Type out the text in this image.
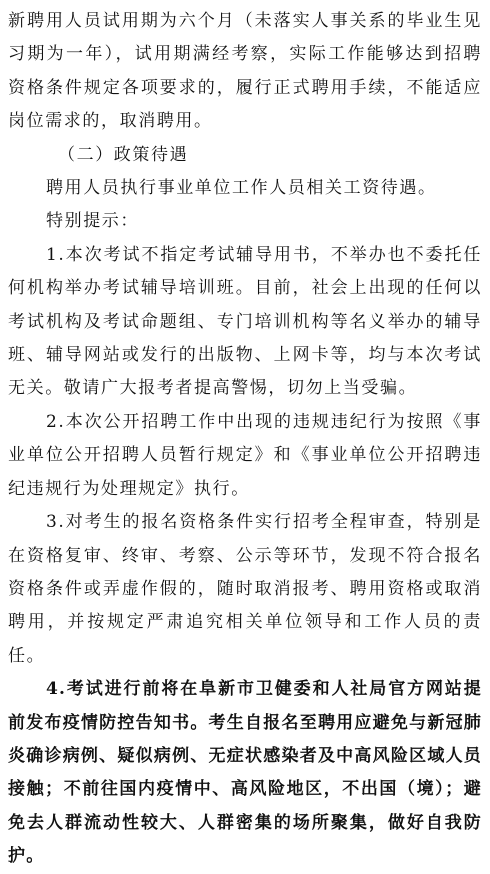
新聘用人员试用期为六个月（未落实人事关系的毕业生见习期为一年），试用期满经考察，实际工作能够达到招聘资格条件规定各项要求的，履行正式聘用手续，不能适应岗位需求的，取消聘用。

（二）政策待遇

聘用人员执行事业单位工作人员相关工资待遇。

特别提示：

1.本次考试不指定考试辅导用书，不举办也不委托任何机构举办考试辅导培训班。目前，社会上出现的任何以考试机构及考试命题组、专门培训机构等名义举办的辅导班、辅导网站或发行的出版物、上网卡等，均与本次考试无关。敬请广大报考者提高警惕，切勿上当受骗。

2.本次公开招聘工作中出现的违规违纪行为按照《事业单位公开招聘人员暂行规定》和《事业单位公开招聘违纪违规行为处理规定》执行。

3.对考生的报名资格条件实行招考全程审查，特别是在资格复审、终审、考察、公示等环节，发现不符合报名资格条件或弄虚作假的，随时取消报考、聘用资格或取消聘用，并按规定严肃追究相关单位领导和工作人员的责任。

4.考试进行前将在阜新市卫健委和人社局官方网站提前发布疫情防控告知书。考生自报名至聘用应避免与新冠肺炎确诊病例、疑似病例、无症状感染者及中高风险区域人员接触；不前往国内疫情中、高风险地区，不出国（境）；避免去人群流动性较大、人群密集的场所聚集，做好自我防护。
